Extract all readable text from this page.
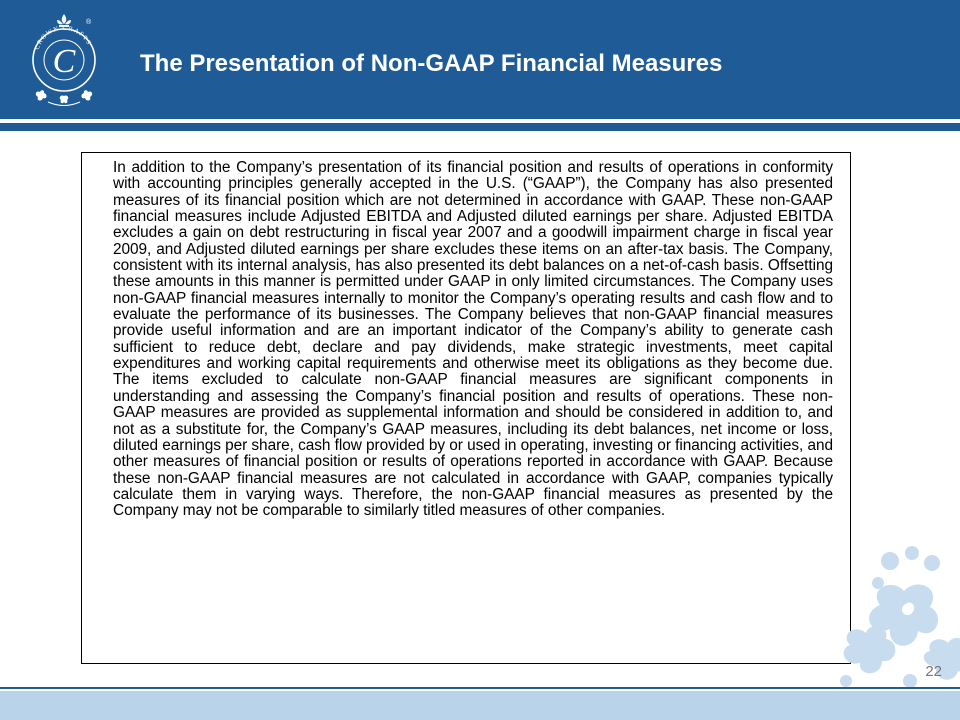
CROWN CRAFTS
C
®
The Presentation of Non-GAAP Financial Measures

In addition to the Company’s presentation of its financial position and results of operations in conformity with accounting principles generally accepted in the U.S. (“GAAP”), the Company has also presented measures of its financial position which are not determined in accordance with GAAP. These non-GAAP financial measures include Adjusted EBITDA and Adjusted diluted earnings per share. Adjusted EBITDA excludes a gain on debt restructuring in fiscal year 2007 and a goodwill impairment charge in fiscal year 2009, and Adjusted diluted earnings per share excludes these items on an after-tax basis. The Company, consistent with its internal analysis, has also presented its debt balances on a net-of-cash basis. Offsetting these amounts in this manner is permitted under GAAP in only limited circumstances. The Company uses non-GAAP financial measures internally to monitor the Company’s operating results and cash flow and to evaluate the performance of its businesses. The Company believes that non-GAAP financial measures provide useful information and are an important indicator of the Company’s ability to generate cash sufficient to reduce debt, declare and pay dividends, make strategic investments, meet capital expenditures and working capital requirements and otherwise meet its obligations as they become due. The items excluded to calculate non-GAAP financial measures are significant components in understanding and assessing the Company’s financial position and results of operations. These non-GAAP measures are provided as supplemental information and should be considered in addition to, and not as a substitute for, the Company’s GAAP measures, including its debt balances, net income or loss, diluted earnings per share, cash flow provided by or used in operating, investing or financing activities, and other measures of financial position or results of operations reported in accordance with GAAP. Because these non-GAAP financial measures are not calculated in accordance with GAAP, companies typically calculate them in varying ways. Therefore, the non-GAAP financial measures as presented by the Company may not be comparable to similarly titled measures of other companies.

22
